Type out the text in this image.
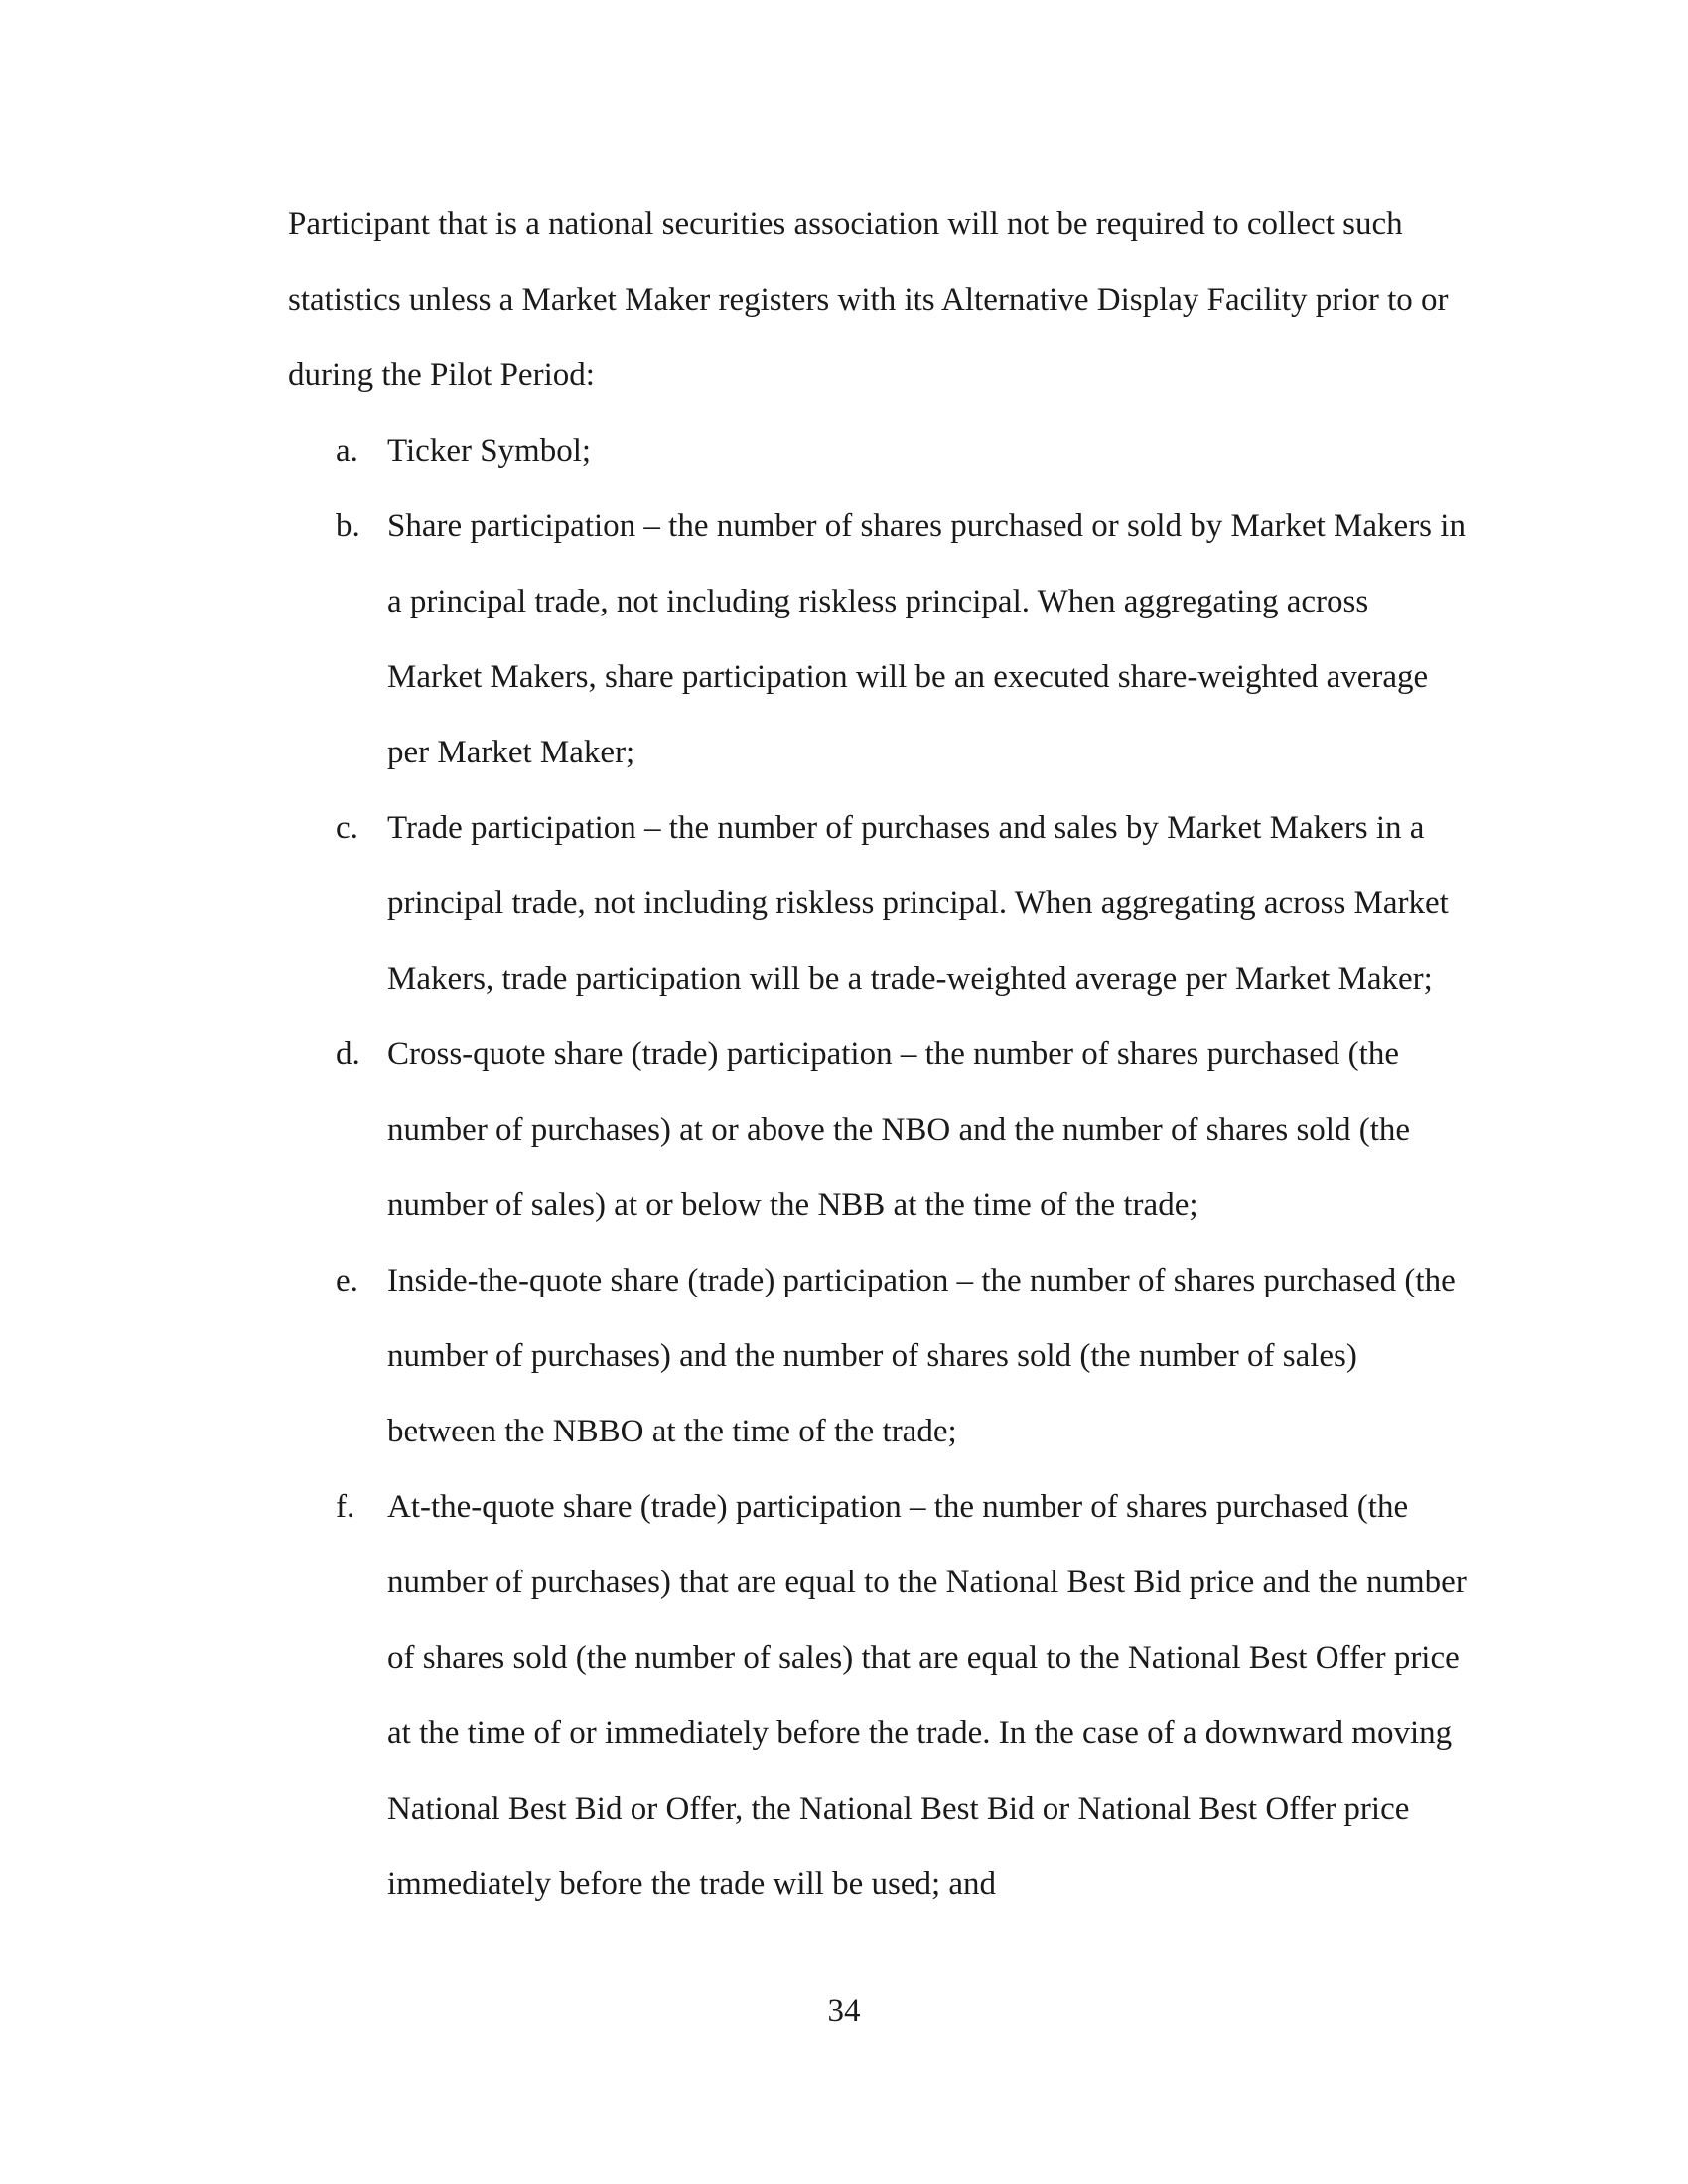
Participant that is a national securities association will not be required to collect such
statistics unless a Market Maker registers with its Alternative Display Facility prior to or
during the Pilot Period:

a. Ticker Symbol;
b. Share participation – the number of shares purchased or sold by Market Makers in
a principal trade, not including riskless principal. When aggregating across
Market Makers, share participation will be an executed share-weighted average
per Market Maker;
c. Trade participation – the number of purchases and sales by Market Makers in a
principal trade, not including riskless principal. When aggregating across Market
Makers, trade participation will be a trade-weighted average per Market Maker;
d. Cross-quote share (trade) participation – the number of shares purchased (the
number of purchases) at or above the NBO and the number of shares sold (the
number of sales) at or below the NBB at the time of the trade;
e. Inside-the-quote share (trade) participation – the number of shares purchased (the
number of purchases) and the number of shares sold (the number of sales)
between the NBBO at the time of the trade;
f. At-the-quote share (trade) participation – the number of shares purchased (the
number of purchases) that are equal to the National Best Bid price and the number
of shares sold (the number of sales) that are equal to the National Best Offer price
at the time of or immediately before the trade. In the case of a downward moving
National Best Bid or Offer, the National Best Bid or National Best Offer price
immediately before the trade will be used; and
34
